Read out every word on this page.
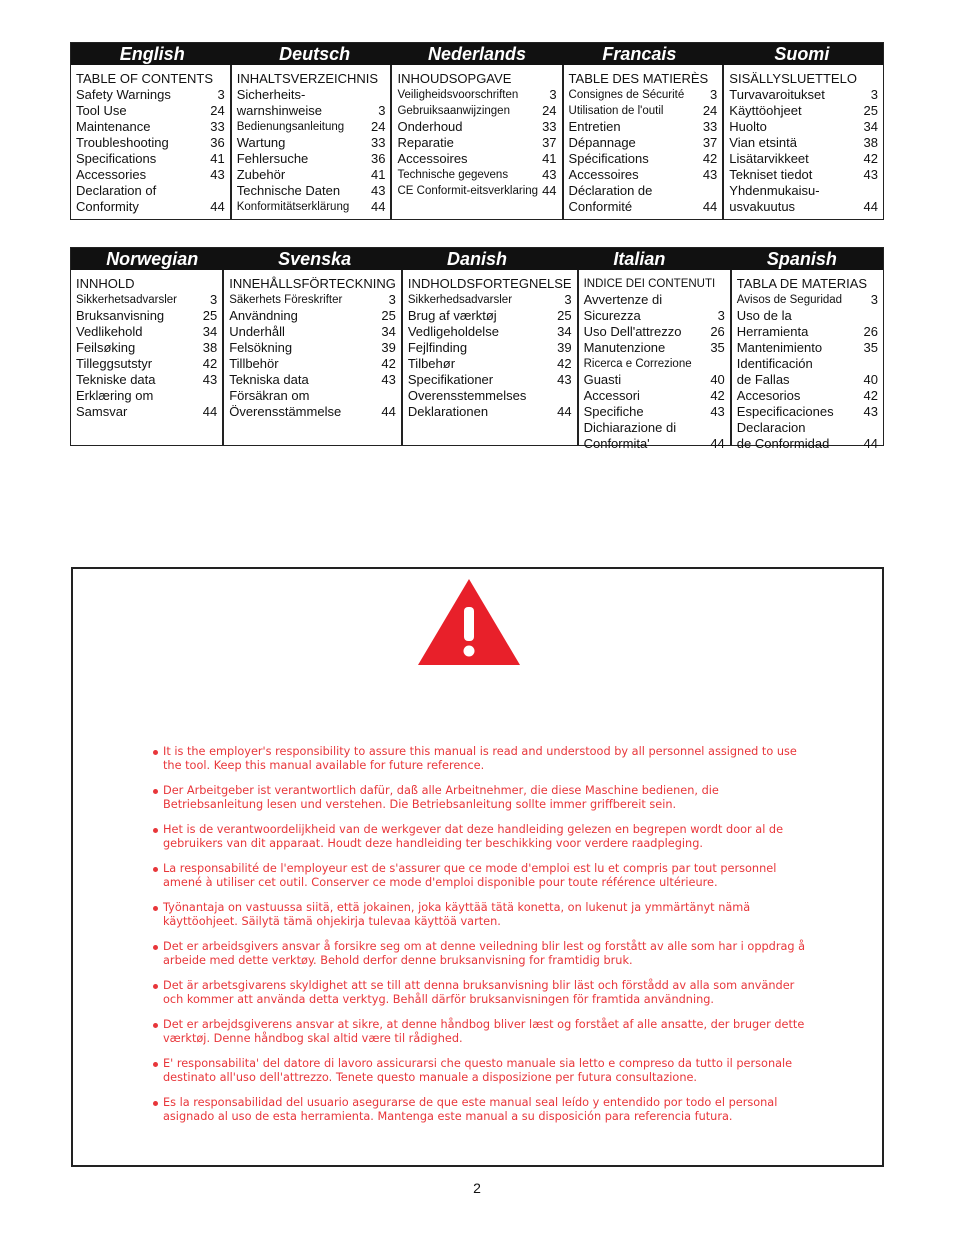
English	Deutsch	Nederlands	Francais	Suomi
TABLE OF CONTENTS
Safety Warnings	3
Tool Use	24
Maintenance	33
Troubleshooting	36
Specifications	41
Accessories	43
Declaration of
Conformity	44
INHALTSVERZEICHNIS
Sicherheits-
warnshinweise	3
Bedienungsanleitung 24
Wartung	33
Fehlersuche	36
Zubehör	41
Technische Daten 43
Konformitätserklärung 44
INHOUDSOPGAVE
Veiligheidsvoorschriften 3
Gebruiksaanwijzingen 24
Onderhoud	33
Reparatie	37
Accessoires	41
Technische gegevens	43
CE Conformit-eitsverklaring 44
TABLE DES MATIERÈS
Consignes de Sécurité 3
Utilisation de l'outil	24
Entretien	33
Dépannage	37
Spécifications	42
Accessoires	43
Déclaration de
Conformité	44
SISÄLLYSLUETTELO
Turvavaroitukset	3
Käyttöohjeet	25
Huolto	34
Vian etsintä	38
Lisätarvikkeet	42
Tekniset tiedot	43
Yhdenmukaisu-
usvakuutus	44
Norwegian	Svenska	Danish	Italian	Spanish
INNHOLD
Sikkerhetsadvarsler	3
Bruksanvisning	25
Vedlikehold	34
Feilsøking	38
Tilleggsutstyr	42
Tekniske data	43
Erklæring om
Samsvar	44
INNEHÅLLSFÖRTECKNING
Säkerhets Föreskrifter	3
Användning	25
Underhåll	34
Felsökning	39
Tillbehör	42
Tekniska data	43
Försäkran om
Överensstämmelse	44
INDHOLDSFORTEGNELSE
Sikkerhedsadvarsler	3
Brug af værktøj	25
Vedligeholdelse	34
Fejlfinding	39
Tilbehør	42
Specifikationer	43
Overensstemmelses
Deklarationen	44
INDICE DEI CONTENUTI
Avvertenze di
Sicurezza	3
Uso Dell'attrezzo 26
Manutenzione	35
Ricerca e Correzione
Guasti	40
Accessori	42
Specifiche	43
Dichiarazione di
Conformita'	44
TABLA DE MATERIAS
Avisos de Seguridad 3
Uso de la
Herramienta	26
Mantenimiento	35
Identificación
de Fallas	40
Accesorios	42
Especificaciones 43
Declaracion
de Conformidad	44
It is the employer's responsibility to assure this manual is read and understood by all personnel assigned to use the tool. Keep this manual available for future reference.
Der Arbeitgeber ist verantwortlich dafür, daß alle Arbeitnehmer, die diese Maschine bedienen, die Betriebsanleitung lesen und verstehen. Die Betriebsanleitung sollte immer griffbereit sein.
Het is de verantwoordelijkheid van de werkgever dat deze handleiding gelezen en begrepen wordt door al de gebruikers van dit apparaat. Houdt deze handleiding ter beschikking voor verdere raadpleging.
La responsabilité de l'employeur est de s'assurer que ce mode d'emploi est lu et compris par tout personnel amené à utiliser cet outil. Conserver ce mode d'emploi disponible pour toute référence ultérieure.
Työnantaja on vastuussa siitä, että jokainen, joka käyttää tätä konetta, on lukenut ja ymmärtänyt nämä käyttöohjeet. Säilytä tämä ohjekirja tulevaa käyttöä varten.
Det er arbeidsgivers ansvar å forsikre seg om at denne veiledning blir lest og forstått av alle som har i oppdrag å arbeide med dette verktøy. Behold derfor denne bruksanvisning for framtidig bruk.
Det är arbetsgivarens skyldighet att se till att denna bruksanvisning blir läst och förstådd av alla som använder och kommer att använda detta verktyg. Behåll därför bruksanvisningen för framtida användning.
Det er arbejdsgiverens ansvar at sikre, at denne håndbog bliver læst og forstået af alle ansatte, der bruger dette værktøj. Denne håndbog skal altid være til rådighed.
E' responsabilita' del datore di lavoro assicurarsi che questo manuale sia letto e compreso da tutto il personale destinato all'uso dell'attrezzo. Tenete questo manuale a disposizione per futura consultazione.
Es la responsabilidad del usuario asegurarse de que este manual seal leído y entendido por todo el personal asignado al uso de esta herramienta. Mantenga este manual a su disposición para referencia futura.
2
